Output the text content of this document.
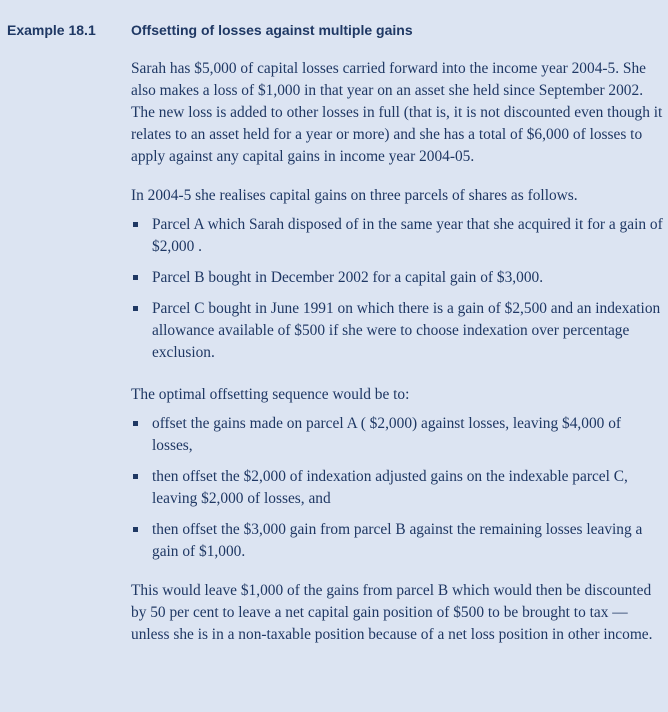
Example 18.1	Offsetting of losses against multiple gains

Sarah has $5,000 of capital losses carried forward into the income year 2004-5. She also makes a loss of $1,000 in that year on an asset she held since September 2002. The new loss is added to other losses in full (that is, it is not discounted even though it relates to an asset held for a year or more) and she has a total of $6,000 of losses to apply against any capital gains in income year 2004-05.

In 2004-5 she realises capital gains on three parcels of shares as follows.

Parcel A which Sarah disposed of in the same year that she acquired it for a gain of $2,000 .
Parcel B bought in December 2002 for a capital gain of $3,000.
Parcel C bought in June 1991 on which there is a gain of $2,500 and an indexation allowance available of $500 if she were to choose indexation over percentage exclusion.

The optimal offsetting sequence would be to:

offset the gains made on parcel A ( $2,000) against losses, leaving $4,000 of losses,
then offset the $2,000 of indexation adjusted gains on the indexable parcel C, leaving $2,000 of losses, and
then offset the $3,000 gain from parcel B against the remaining losses leaving a gain of $1,000.

This would leave $1,000 of the gains from parcel B which would then be discounted by 50 per cent to leave a net capital gain position of $500 to be brought to tax — unless she is in a non-taxable position because of a net loss position in other income.
